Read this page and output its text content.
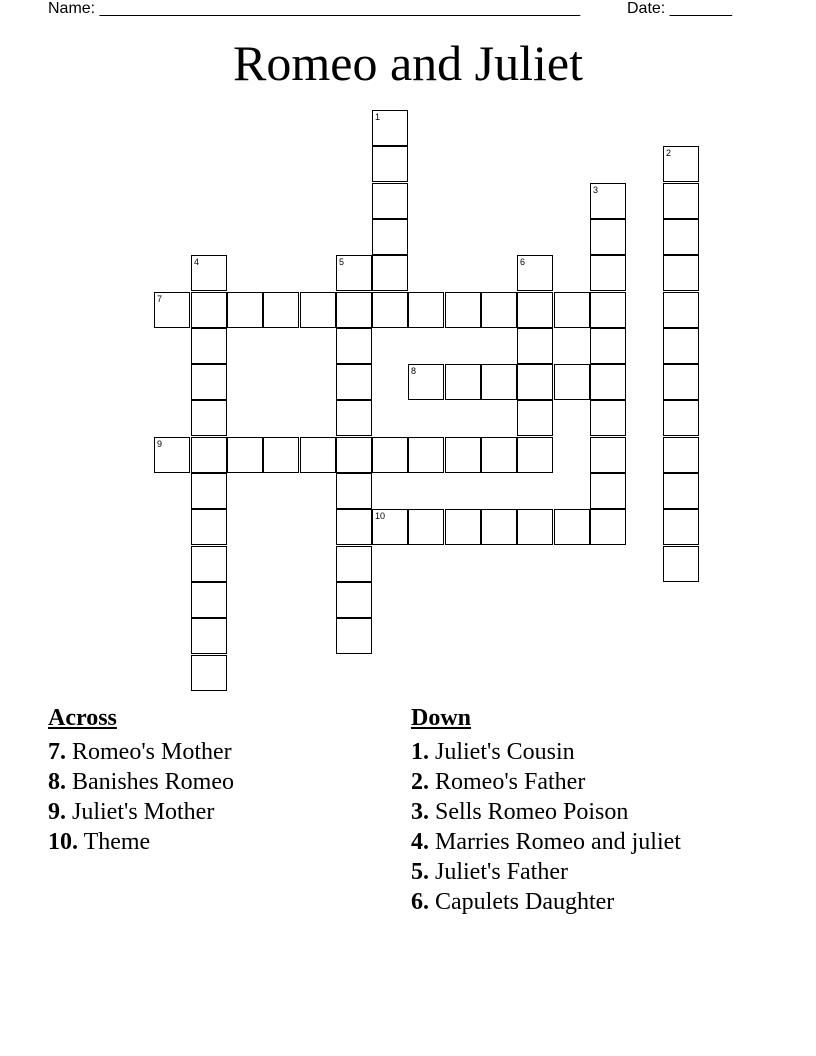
Name: ______________________________________________________	Date: _______
Romeo and Juliet
1
2
3
4	5	6
7
8
9
10
Across
7. Romeo's Mother
8. Banishes Romeo
9. Juliet's Mother
10. Theme
Down
1. Juliet's Cousin
2. Romeo's Father
3. Sells Romeo Poison
4. Marries Romeo and juliet
5. Juliet's Father
6. Capulets Daughter
